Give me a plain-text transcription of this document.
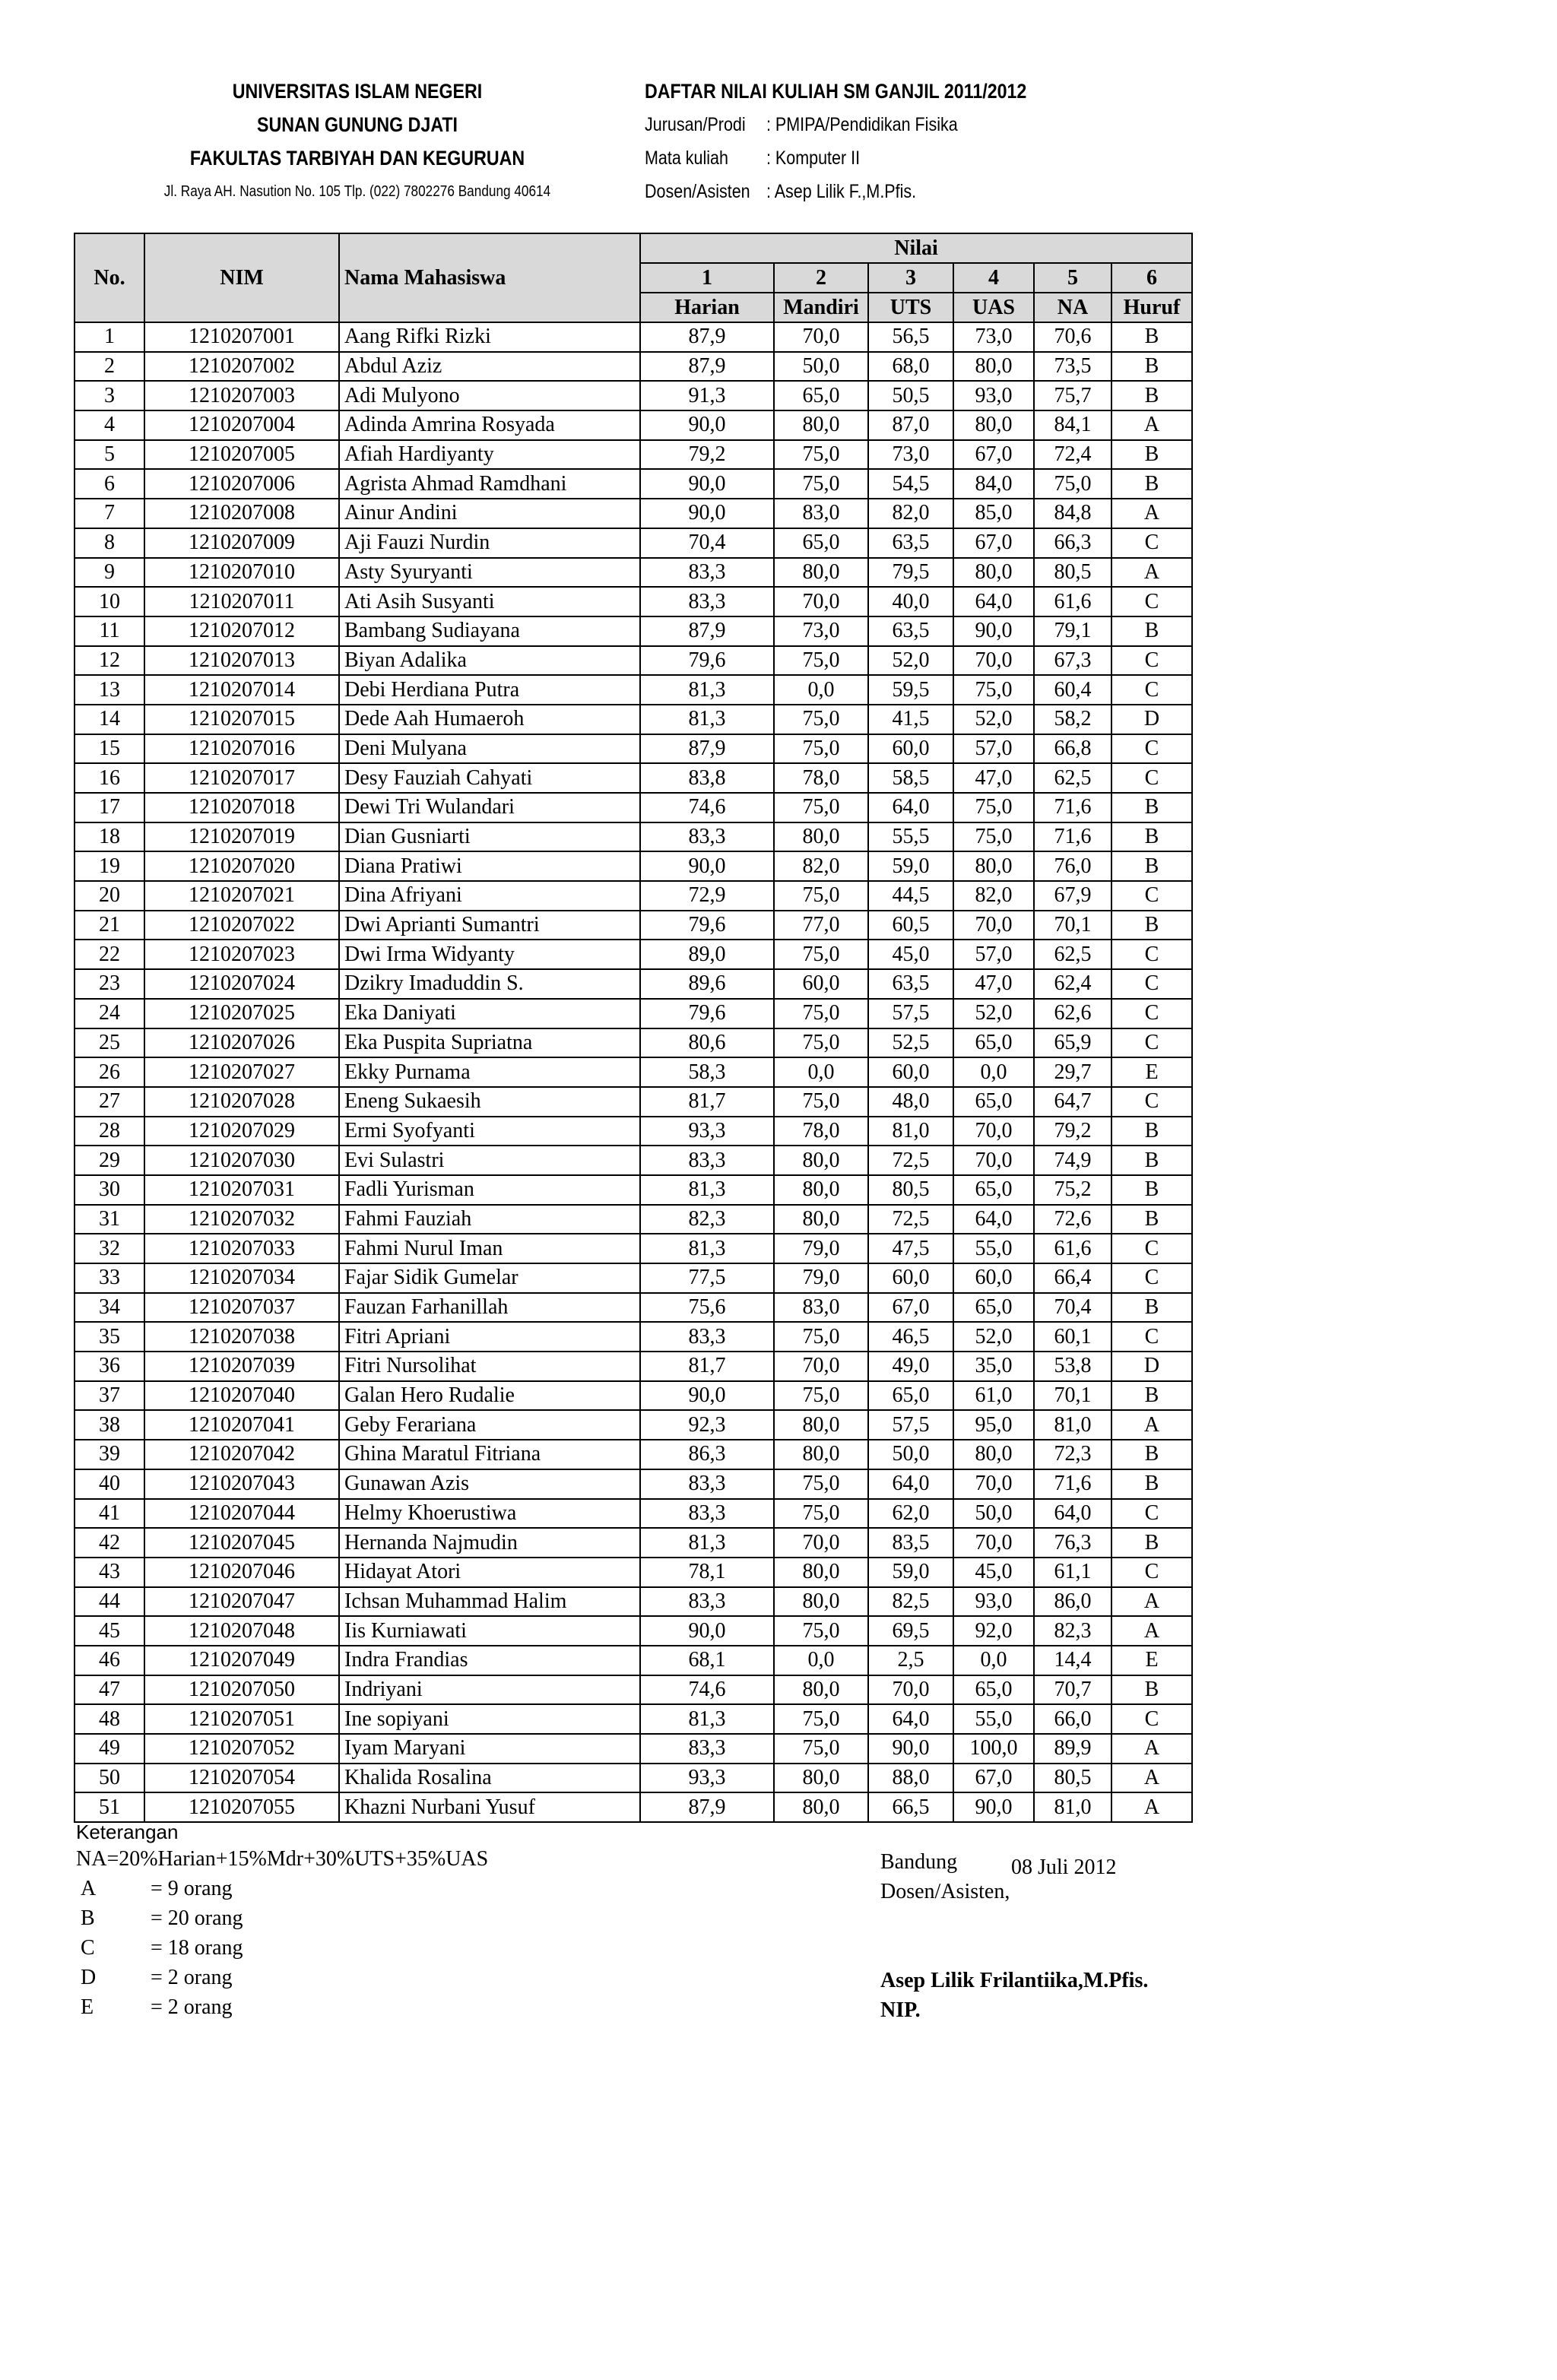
UNIVERSITAS ISLAM NEGERI
SUNAN GUNUNG DJATI
FAKULTAS TARBIYAH DAN KEGURUAN
Jl. Raya AH. Nasution No. 105 Tlp. (022) 7802276 Bandung 40614
DAFTAR NILAI KULIAH SM GANJIL 2011/2012
Jurusan/Prodi : PMIPA/Pendidikan Fisika
Mata kuliah : Komputer II
Dosen/Asisten : Asep Lilik F.,M.Pfis.
No.	NIM	Nama Mahasiswa	Nilai					
			1	2	3	4	5	6
			Harian	Mandiri	UTS	UAS	NA	Huruf
1	1210207001	Aang Rifki Rizki	87,9	70,0	56,5	73,0	70,6	B
2	1210207002	Abdul Aziz	87,9	50,0	68,0	80,0	73,5	B
3	1210207003	Adi Mulyono	91,3	65,0	50,5	93,0	75,7	B
4	1210207004	Adinda Amrina Rosyada	90,0	80,0	87,0	80,0	84,1	A
5	1210207005	Afiah Hardiyanty	79,2	75,0	73,0	67,0	72,4	B
6	1210207006	Agrista Ahmad Ramdhani	90,0	75,0	54,5	84,0	75,0	B
7	1210207008	Ainur Andini	90,0	83,0	82,0	85,0	84,8	A
8	1210207009	Aji Fauzi Nurdin	70,4	65,0	63,5	67,0	66,3	C
9	1210207010	Asty Syuryanti	83,3	80,0	79,5	80,0	80,5	A
10	1210207011	Ati Asih Susyanti	83,3	70,0	40,0	64,0	61,6	C
11	1210207012	Bambang Sudiayana	87,9	73,0	63,5	90,0	79,1	B
12	1210207013	Biyan Adalika	79,6	75,0	52,0	70,0	67,3	C
13	1210207014	Debi Herdiana Putra	81,3	0,0	59,5	75,0	60,4	C
14	1210207015	Dede Aah Humaeroh	81,3	75,0	41,5	52,0	58,2	D
15	1210207016	Deni Mulyana	87,9	75,0	60,0	57,0	66,8	C
16	1210207017	Desy Fauziah Cahyati	83,8	78,0	58,5	47,0	62,5	C
17	1210207018	Dewi Tri Wulandari	74,6	75,0	64,0	75,0	71,6	B
18	1210207019	Dian Gusniarti	83,3	80,0	55,5	75,0	71,6	B
19	1210207020	Diana Pratiwi	90,0	82,0	59,0	80,0	76,0	B
20	1210207021	Dina Afriyani	72,9	75,0	44,5	82,0	67,9	C
21	1210207022	Dwi Aprianti Sumantri	79,6	77,0	60,5	70,0	70,1	B
22	1210207023	Dwi Irma Widyanty	89,0	75,0	45,0	57,0	62,5	C
23	1210207024	Dzikry Imaduddin S.	89,6	60,0	63,5	47,0	62,4	C
24	1210207025	Eka Daniyati	79,6	75,0	57,5	52,0	62,6	C
25	1210207026	Eka Puspita Supriatna	80,6	75,0	52,5	65,0	65,9	C
26	1210207027	Ekky Purnama	58,3	0,0	60,0	0,0	29,7	E
27	1210207028	Eneng Sukaesih	81,7	75,0	48,0	65,0	64,7	C
28	1210207029	Ermi Syofyanti	93,3	78,0	81,0	70,0	79,2	B
29	1210207030	Evi Sulastri	83,3	80,0	72,5	70,0	74,9	B
30	1210207031	Fadli Yurisman	81,3	80,0	80,5	65,0	75,2	B
31	1210207032	Fahmi Fauziah	82,3	80,0	72,5	64,0	72,6	B
32	1210207033	Fahmi Nurul Iman	81,3	79,0	47,5	55,0	61,6	C
33	1210207034	Fajar Sidik Gumelar	77,5	79,0	60,0	60,0	66,4	C
34	1210207037	Fauzan Farhanillah	75,6	83,0	67,0	65,0	70,4	B
35	1210207038	Fitri Apriani	83,3	75,0	46,5	52,0	60,1	C
36	1210207039	Fitri Nursolihat	81,7	70,0	49,0	35,0	53,8	D
37	1210207040	Galan Hero Rudalie	90,0	75,0	65,0	61,0	70,1	B
38	1210207041	Geby Ferariana	92,3	80,0	57,5	95,0	81,0	A
39	1210207042	Ghina Maratul Fitriana	86,3	80,0	50,0	80,0	72,3	B
40	1210207043	Gunawan Azis	83,3	75,0	64,0	70,0	71,6	B
41	1210207044	Helmy Khoerustiwa	83,3	75,0	62,0	50,0	64,0	C
42	1210207045	Hernanda Najmudin	81,3	70,0	83,5	70,0	76,3	B
43	1210207046	Hidayat Atori	78,1	80,0	59,0	45,0	61,1	C
44	1210207047	Ichsan Muhammad Halim	83,3	80,0	82,5	93,0	86,0	A
45	1210207048	Iis Kurniawati	90,0	75,0	69,5	92,0	82,3	A
46	1210207049	Indra Frandias	68,1	0,0	2,5	0,0	14,4	E
47	1210207050	Indriyani	74,6	80,0	70,0	65,0	70,7	B
48	1210207051	Ine sopiyani	81,3	75,0	64,0	55,0	66,0	C
49	1210207052	Iyam Maryani	83,3	75,0	90,0	100,0	89,9	A
50	1210207054	Khalida Rosalina	93,3	80,0	88,0	67,0	80,5	A
51	1210207055	Khazni Nurbani Yusuf	87,9	80,0	66,5	90,0	81,0	A
Keterangan
NA=20%Harian+15%Mdr+30%UTS+35%UAS
A	= 9 orang
B	= 20 orang
C	= 18 orang
D	= 2 orang
E	= 2 orang
Bandung	08 Juli 2012
Dosen/Asisten,
Asep Lilik Frilantiika,M.Pfis.
NIP.
